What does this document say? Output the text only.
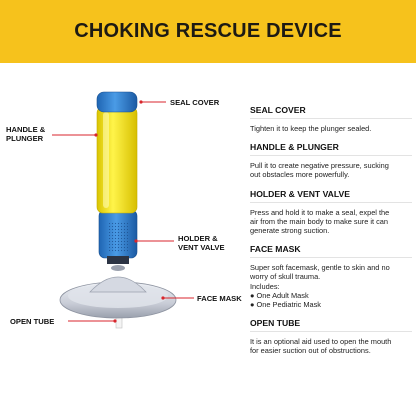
CHOKING RESCUE DEVICE
SEAL COVER
HANDLE &
PLUNGER
HOLDER &
VENT VALVE
FACE MASK
OPEN TUBE
SEAL COVER
Tighten it to keep the plunger sealed.
HANDLE & PLUNGER
Pull it to create negative pressure, sucking
out obstacles more powerfully.
HOLDER & VENT VALVE
Press and hold it to make a seal, expel the
air from the main body to make sure it can
generate strong suction.
FACE MASK
Super soft facemask, gentle to skin and no
worry of skull trauma.
Includes:
● One Adult Mask
● One Pediatric Mask
OPEN TUBE
It is an optional aid used to open the mouth
for easier suction out of obstructions.
